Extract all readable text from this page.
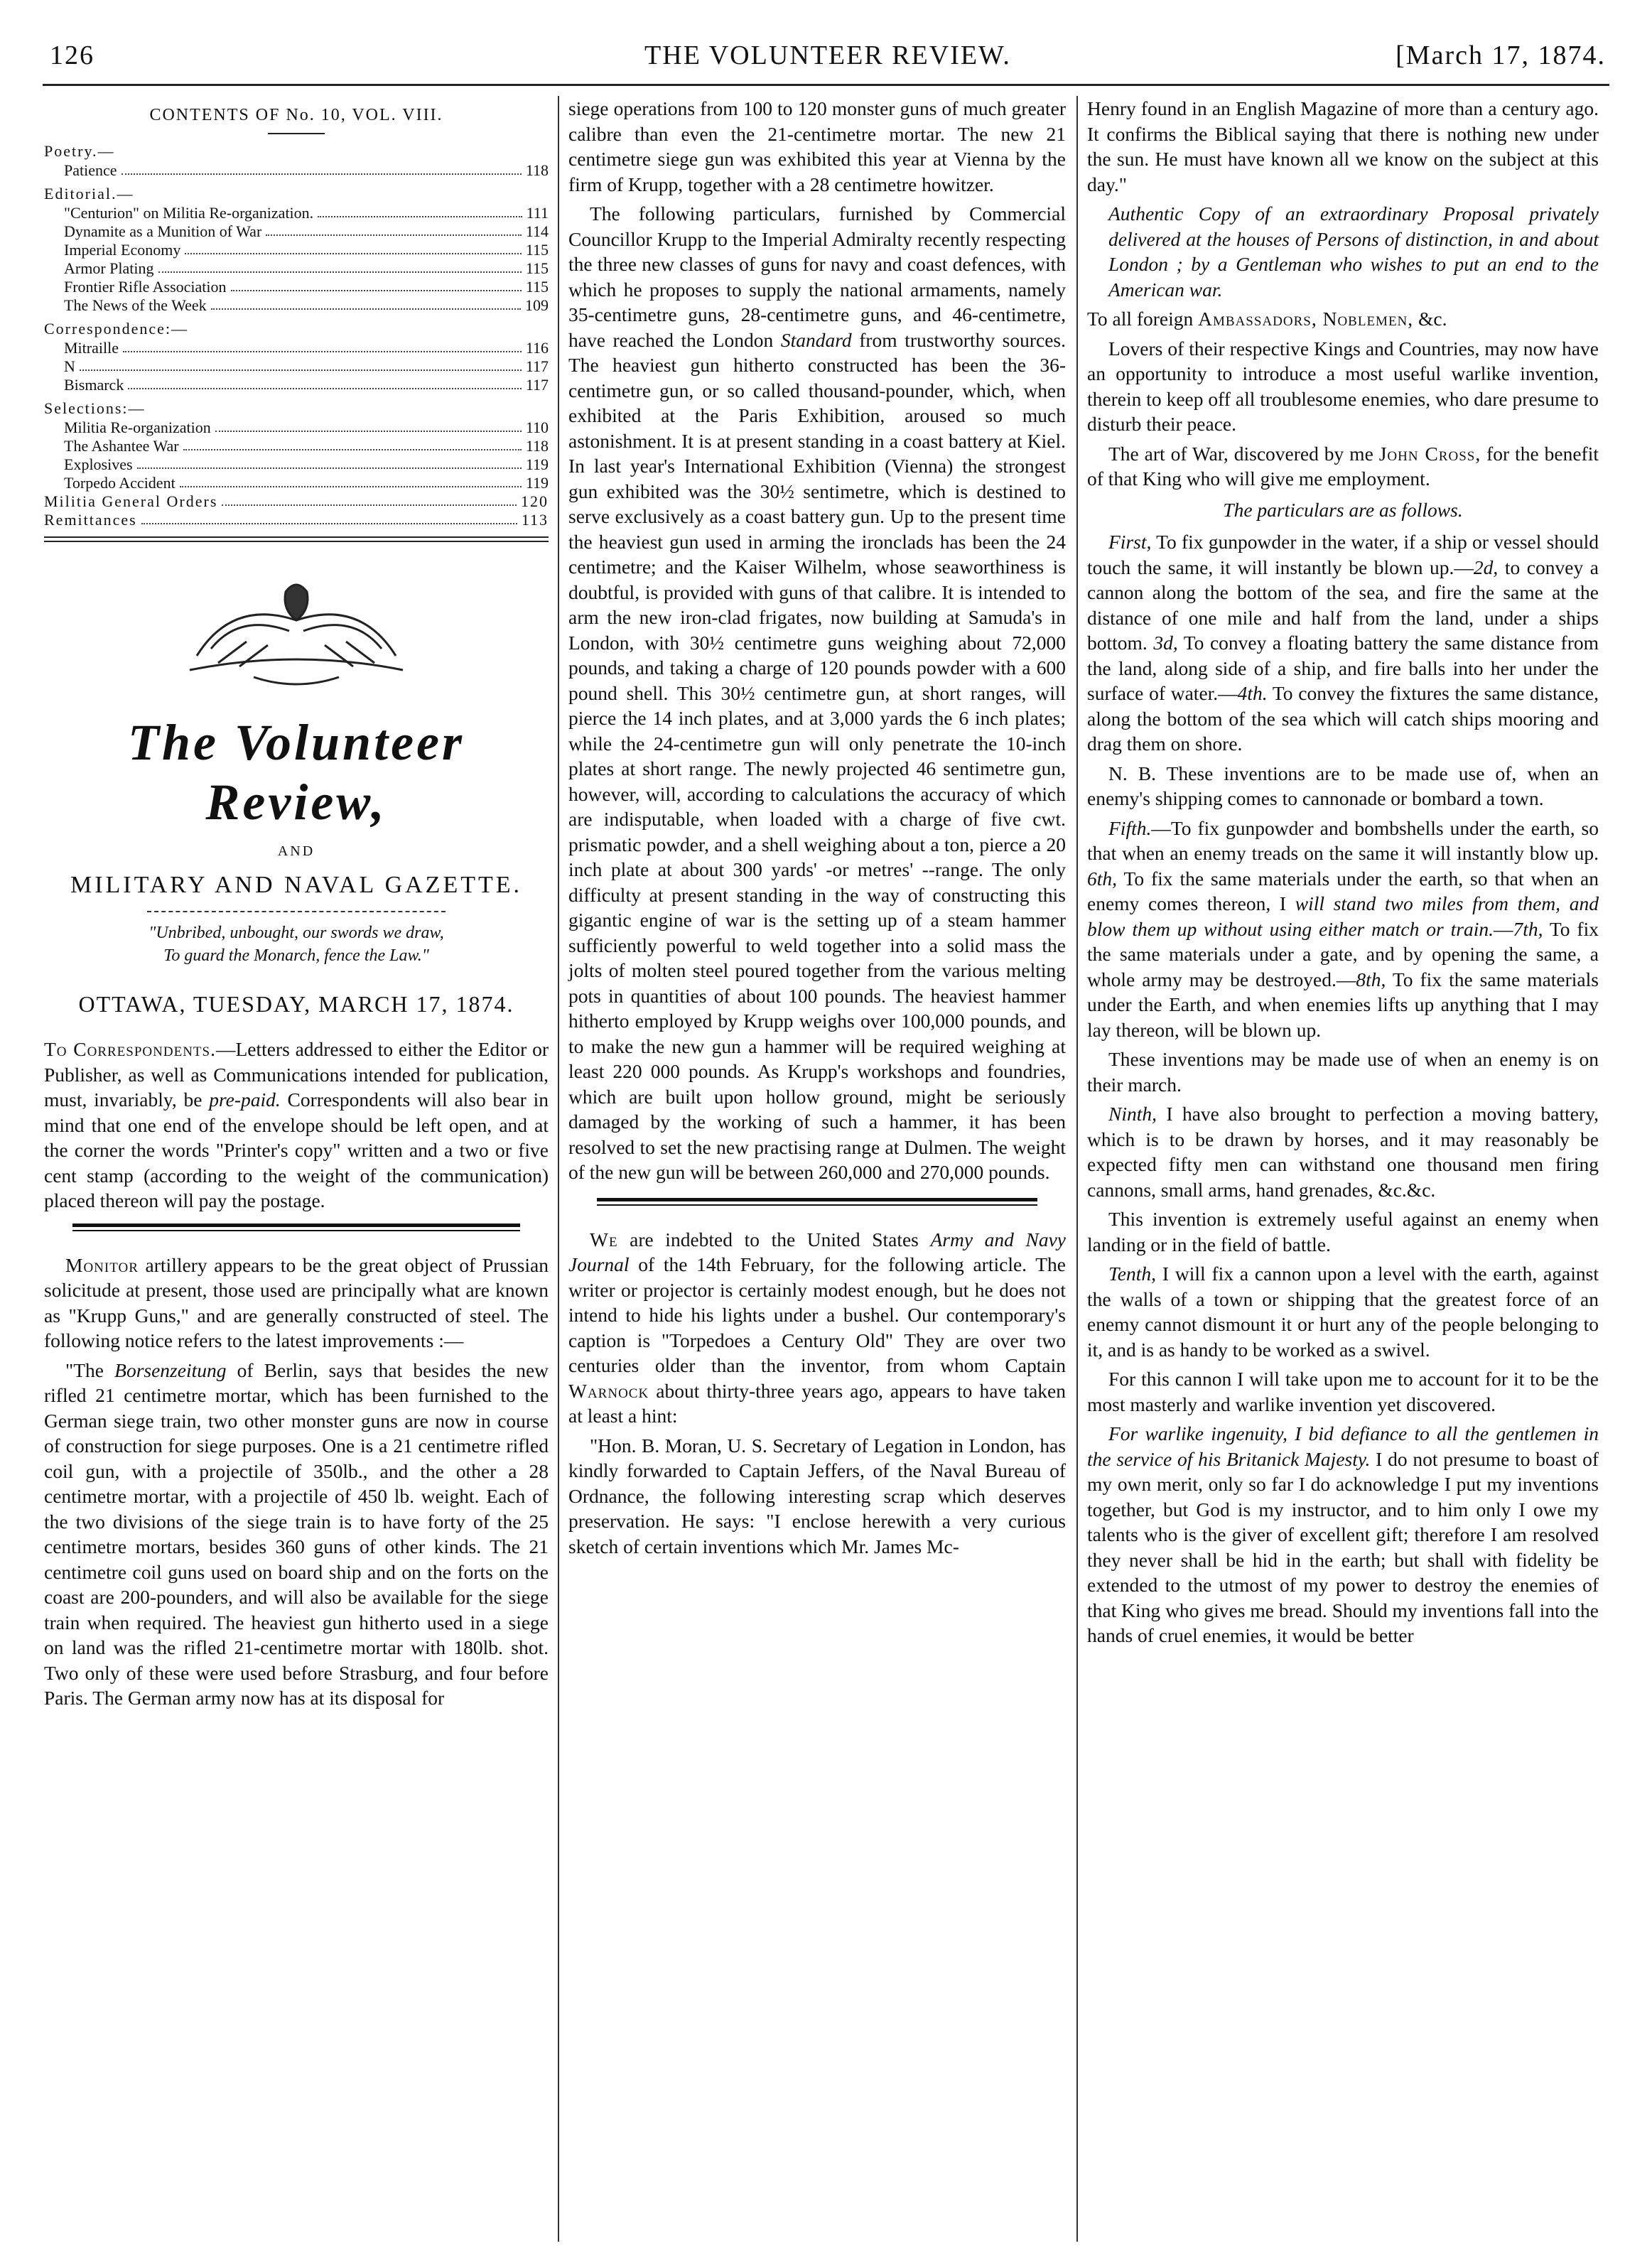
126	THE VOLUNTEER REVIEW.	[March 17, 1874.
CONTENTS OF No. 10, VOL. VIII.
Poetry.—
Patience	118
Editorial.—
"Centurion" on Militia Re-organization.	111
Dynamite as a Munition of War	114
Imperial Economy	115
Armor Plating	115
Frontier Rifle Association	115
The News of the Week	109
Correspondence:—
Mitraille	116
N	117
Bismarck	117
Selections:—
Militia Re-organization	110
The Ashantee War	118
Explosives	119
Torpedo Accident	119
Militia General Orders	120
Remittances	113
The Volunteer Review,
AND
MILITARY AND NAVAL GAZETTE.
"Unbribed, unbought, our swords we draw,
To guard the Monarch, fence the Law."
OTTAWA, TUESDAY, MARCH 17, 1874.

To Correspondents.—Letters addressed to either the Editor or Publisher, as well as Communications intended for publication, must, invariably, be pre-paid. Correspondents will also bear in mind that one end of the envelope should be left open, and at the corner the words "Printer's copy" written and a two or five cent stamp (according to the weight of the communication) placed thereon will pay the postage.

Monitor artillery appears to be the great object of Prussian solicitude at present, those used are principally what are known as "Krupp Guns," and are generally constructed of steel. The following notice refers to the latest improvements :—

"The Borsenzeitung of Berlin, says that besides the new rifled 21 centimetre mortar, which has been furnished to the German siege train, two other monster guns are now in course of construction for siege purposes. One is a 21 centimetre rifled coil gun, with a projectile of 350lb., and the other a 28 centimetre mortar, with a projectile of 450 lb. weight. Each of the two divisions of the siege train is to have forty of the 25 centimetre mortars, besides 360 guns of other kinds. The 21 centimetre coil guns used on board ship and on the forts on the coast are 200-pounders, and will also be available for the siege train when required. The heaviest gun hitherto used in a siege on land was the rifled 21-centimetre mortar with 180lb. shot. Two only of these were used before Strasburg, and four before Paris. The German army now has at its disposal for

siege operations from 100 to 120 monster guns of much greater calibre than even the 21-centimetre mortar. The new 21 centimetre siege gun was exhibited this year at Vienna by the firm of Krupp, together with a 28 centimetre howitzer.

The following particulars, furnished by Commercial Councillor Krupp to the Imperial Admiralty recently respecting the three new classes of guns for navy and coast defences, with which he proposes to supply the national armaments, namely 35-centimetre guns, 28-centimetre guns, and 46-centimetre, have reached the London Standard from trustworthy sources. The heaviest gun hitherto constructed has been the 36-centimetre gun, or so called thousand-pounder, which, when exhibited at the Paris Exhibition, aroused so much astonishment. It is at present standing in a coast battery at Kiel. In last year's International Exhibition (Vienna) the strongest gun exhibited was the 30½ sentimetre, which is destined to serve exclusively as a coast battery gun. Up to the present time the heaviest gun used in arming the ironclads has been the 24 centimetre; and the Kaiser Wilhelm, whose seaworthiness is doubtful, is provided with guns of that calibre. It is intended to arm the new iron-clad frigates, now building at Samuda's in London, with 30½ centimetre guns weighing about 72,000 pounds, and taking a charge of 120 pounds powder with a 600 pound shell. This 30½ centimetre gun, at short ranges, will pierce the 14 inch plates, and at 3,000 yards the 6 inch plates; while the 24-centimetre gun will only penetrate the 10-inch plates at short range. The newly projected 46 sentimetre gun, however, will, according to calculations the accuracy of which are indisputable, when loaded with a charge of five cwt. prismatic powder, and a shell weighing about a ton, pierce a 20 inch plate at about 300 yards' -or metres' --range. The only difficulty at present standing in the way of constructing this gigantic engine of war is the setting up of a steam hammer sufficiently powerful to weld together into a solid mass the jolts of molten steel poured together from the various melting pots in quantities of about 100 pounds. The heaviest hammer hitherto employed by Krupp weighs over 100,000 pounds, and to make the new gun a hammer will be required weighing at least 220 000 pounds. As Krupp's workshops and foundries, which are built upon hollow ground, might be seriously damaged by the working of such a hammer, it has been resolved to set the new practising range at Dulmen. The weight of the new gun will be between 260,000 and 270,000 pounds.

We are indebted to the United States Army and Navy Journal of the 14th February, for the following article. The writer or projector is certainly modest enough, but he does not intend to hide his lights under a bushel. Our contemporary's caption is "Torpedoes a Century Old" They are over two centuries older than the inventor, from whom Captain Warnock about thirty-three years ago, appears to have taken at least a hint:

"Hon. B. Moran, U. S. Secretary of Legation in London, has kindly forwarded to Captain Jeffers, of the Naval Bureau of Ordnance, the following interesting scrap which deserves preservation. He says: "I enclose herewith a very curious sketch of certain inventions which Mr. James Mc-

Henry found in an English Magazine of more than a century ago. It confirms the Biblical saying that there is nothing new under the sun. He must have known all we know on the subject at this day."

Authentic Copy of an extraordinary Proposal privately delivered at the houses of Persons of distinction, in and about London ; by a Gentleman who wishes to put an end to the American war.

To all foreign Ambassadors, Noblemen, &c.

Lovers of their respective Kings and Countries, may now have an opportunity to introduce a most useful warlike invention, therein to keep off all troublesome enemies, who dare presume to disturb their peace.

The art of War, discovered by me John Cross, for the benefit of that King who will give me employment.

The particulars are as follows.

First, To fix gunpowder in the water, if a ship or vessel should touch the same, it will instantly be blown up.—2d, to convey a cannon along the bottom of the sea, and fire the same at the distance of one mile and half from the land, under a ships bottom. 3d, To convey a floating battery the same distance from the land, along side of a ship, and fire balls into her under the surface of water.—4th. To convey the fixtures the same distance, along the bottom of the sea which will catch ships mooring and drag them on shore.

N. B. These inventions are to be made use of, when an enemy's shipping comes to cannonade or bombard a town.

Fifth.—To fix gunpowder and bombshells under the earth, so that when an enemy treads on the same it will instantly blow up. 6th, To fix the same materials under the earth, so that when an enemy comes thereon, I will stand two miles from them, and blow them up without using either match or train.—7th, To fix the same materials under a gate, and by opening the same, a whole army may be destroyed.—8th, To fix the same materials under the Earth, and when enemies lifts up anything that I may lay thereon, will be blown up.

These inventions may be made use of when an enemy is on their march.

Ninth, I have also brought to perfection a moving battery, which is to be drawn by horses, and it may reasonably be expected fifty men can withstand one thousand men firing cannons, small arms, hand grenades, &c.&c.

This invention is extremely useful against an enemy when landing or in the field of battle.

Tenth, I will fix a cannon upon a level with the earth, against the walls of a town or shipping that the greatest force of an enemy cannot dismount it or hurt any of the people belonging to it, and is as handy to be worked as a swivel.

For this cannon I will take upon me to account for it to be the most masterly and warlike invention yet discovered.

For warlike ingenuity, I bid defiance to all the gentlemen in the service of his Britanick Majesty. I do not presume to boast of my own merit, only so far I do acknowledge I put my inventions together, but God is my instructor, and to him only I owe my talents who is the giver of excellent gift; therefore I am resolved they never shall be hid in the earth; but shall with fidelity be extended to the utmost of my power to destroy the enemies of that King who gives me bread. Should my inventions fall into the hands of cruel enemies, it would be better
